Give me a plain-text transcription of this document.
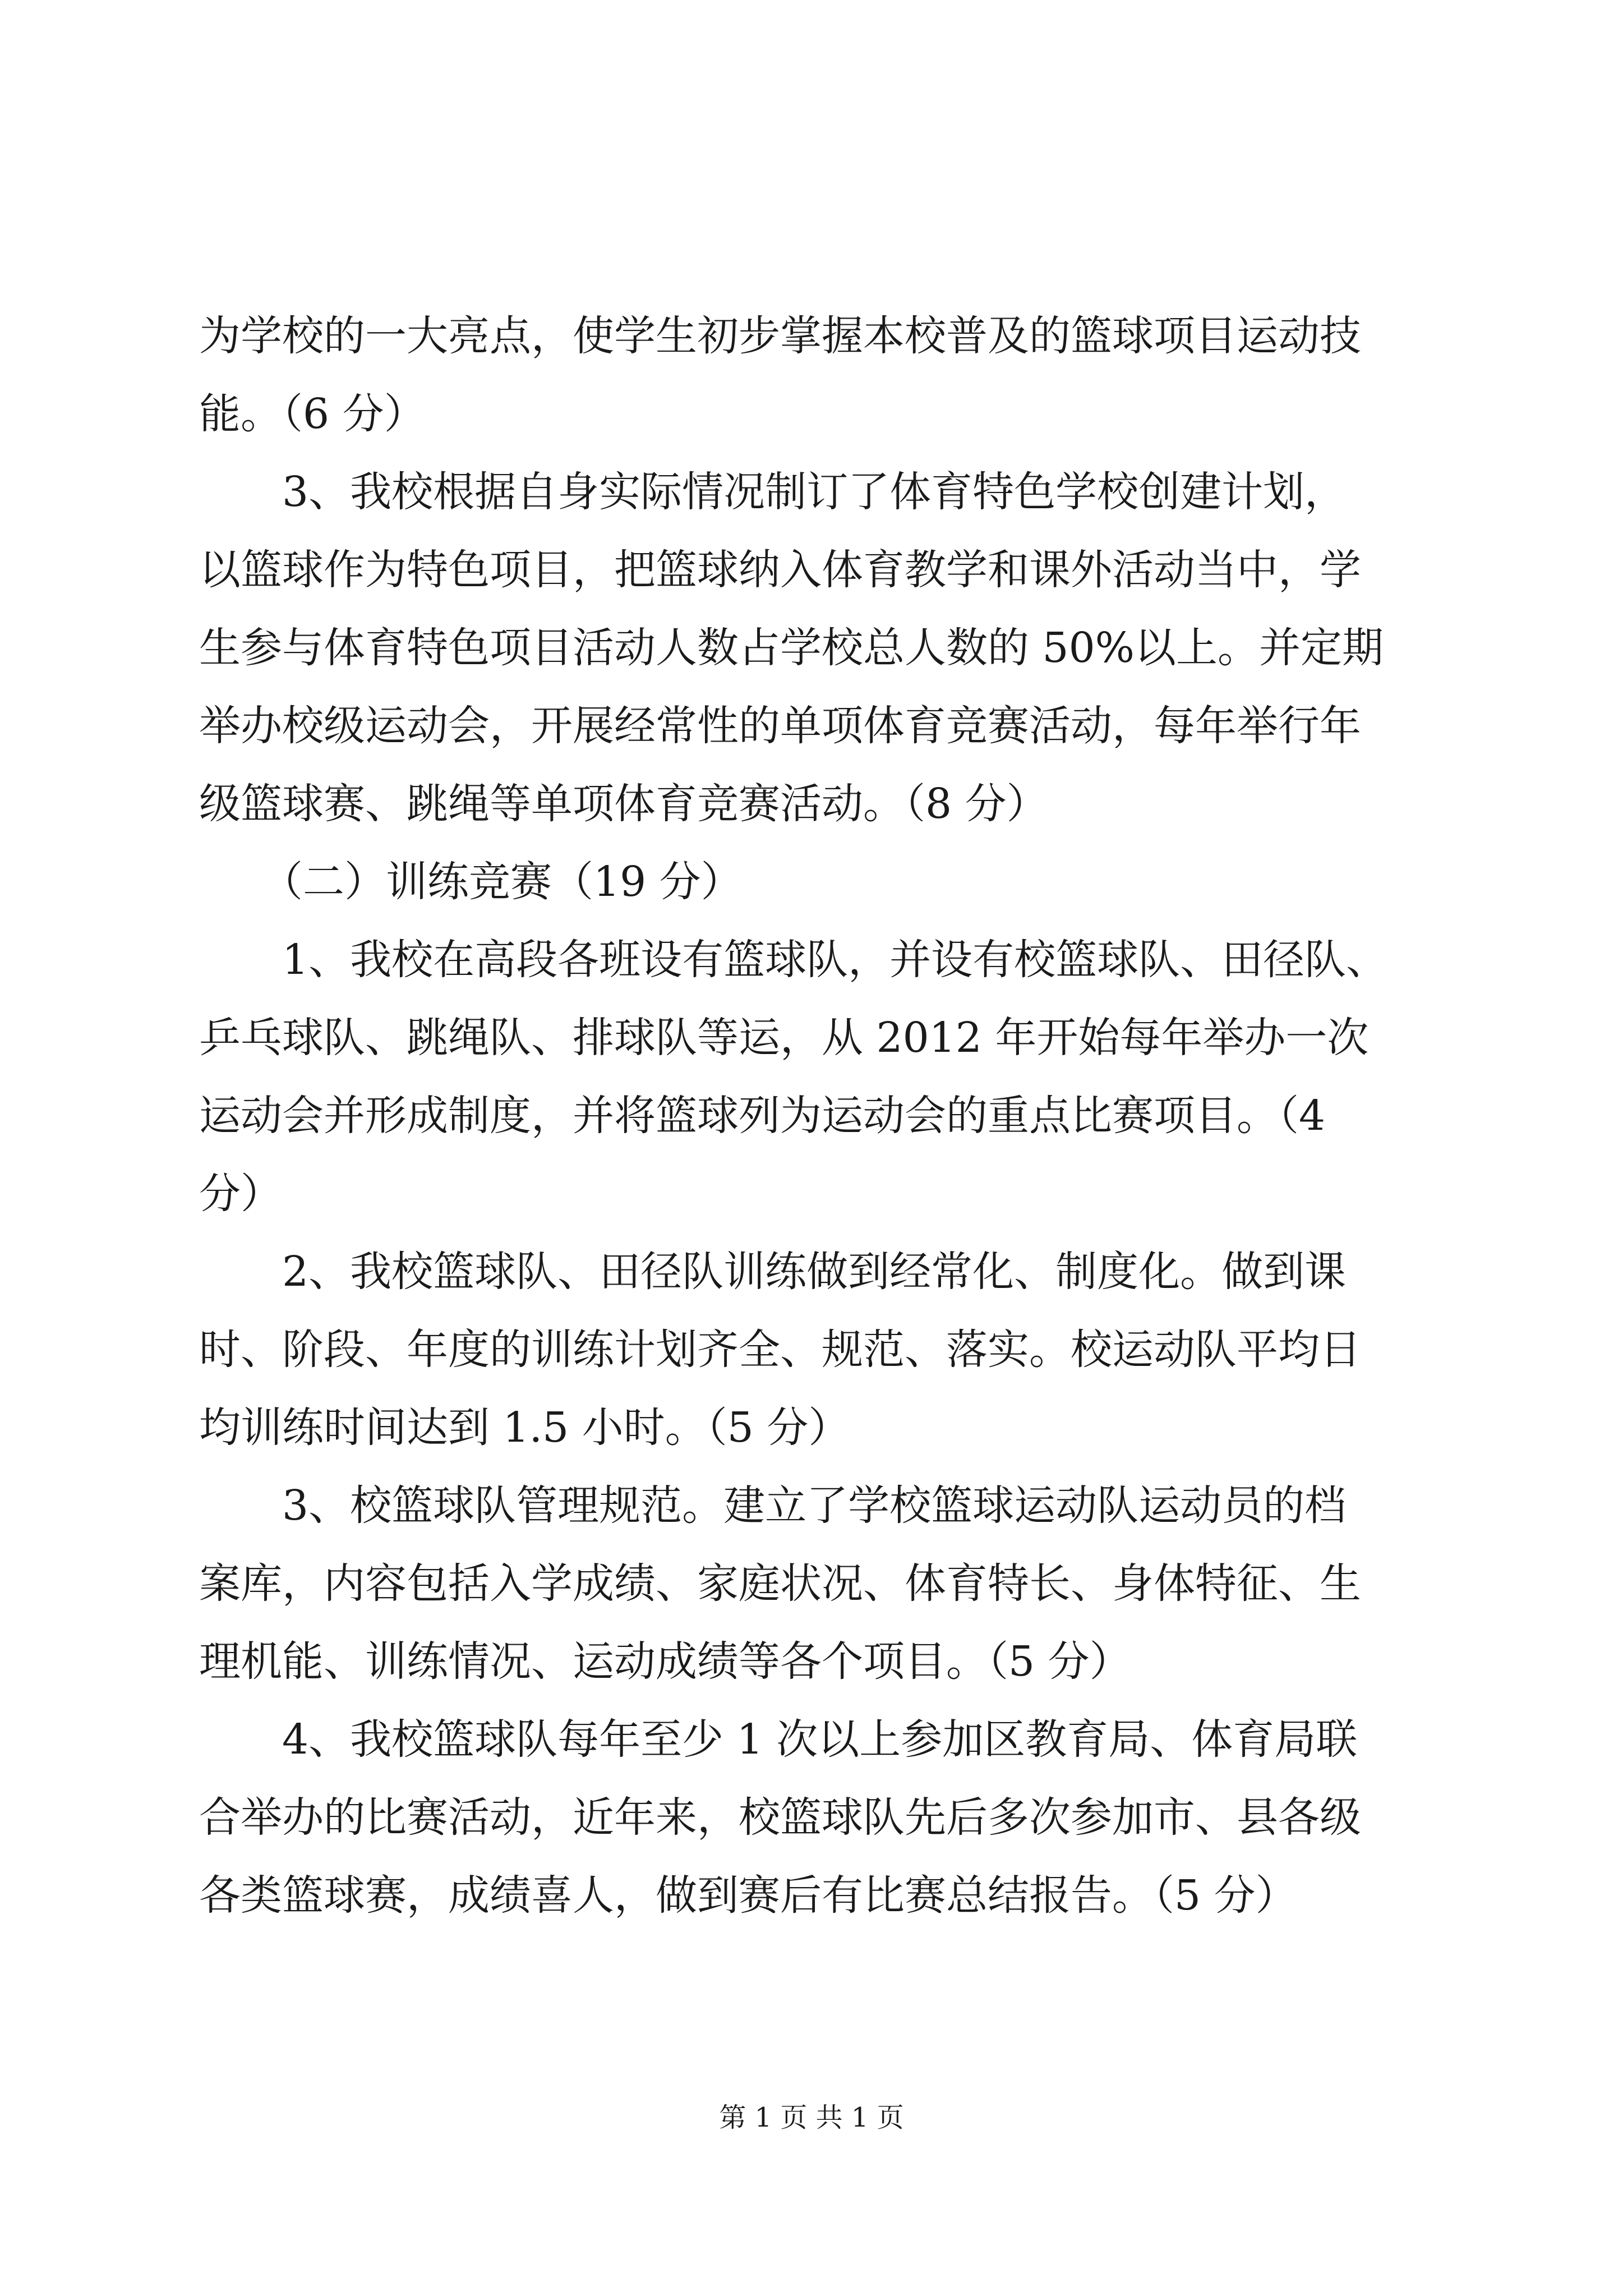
为学校的一大亮点，使学生初步掌握本校普及的篮球项目运动技
能。（6 分）
　　3、我校根据自身实际情况制订了体育特色学校创建计划，
以篮球作为特色项目，把篮球纳入体育教学和课外活动当中，学
生参与体育特色项目活动人数占学校总人数的 50%以上。并定期
举办校级运动会，开展经常性的单项体育竞赛活动，每年举行年
级篮球赛、跳绳等单项体育竞赛活动。（8 分）
　　（二）训练竞赛（19 分）
　　1、我校在高段各班设有篮球队，并设有校篮球队、田径队、
乒乓球队、跳绳队、排球队等运，从 2012 年开始每年举办一次
运动会并形成制度，并将篮球列为运动会的重点比赛项目。（4
分）
　　2、我校篮球队、田径队训练做到经常化、制度化。做到课
时、阶段、年度的训练计划齐全、规范、落实。校运动队平均日
均训练时间达到 1.5 小时。（5 分）
　　3、校篮球队管理规范。建立了学校篮球运动队运动员的档
案库，内容包括入学成绩、家庭状况、体育特长、身体特征、生
理机能、训练情况、运动成绩等各个项目。（5 分）
　　4、我校篮球队每年至少 1 次以上参加区教育局、体育局联
合举办的比赛活动，近年来，校篮球队先后多次参加市、县各级
各类篮球赛，成绩喜人，做到赛后有比赛总结报告。（5 分）
第 1 页 共 1 页
